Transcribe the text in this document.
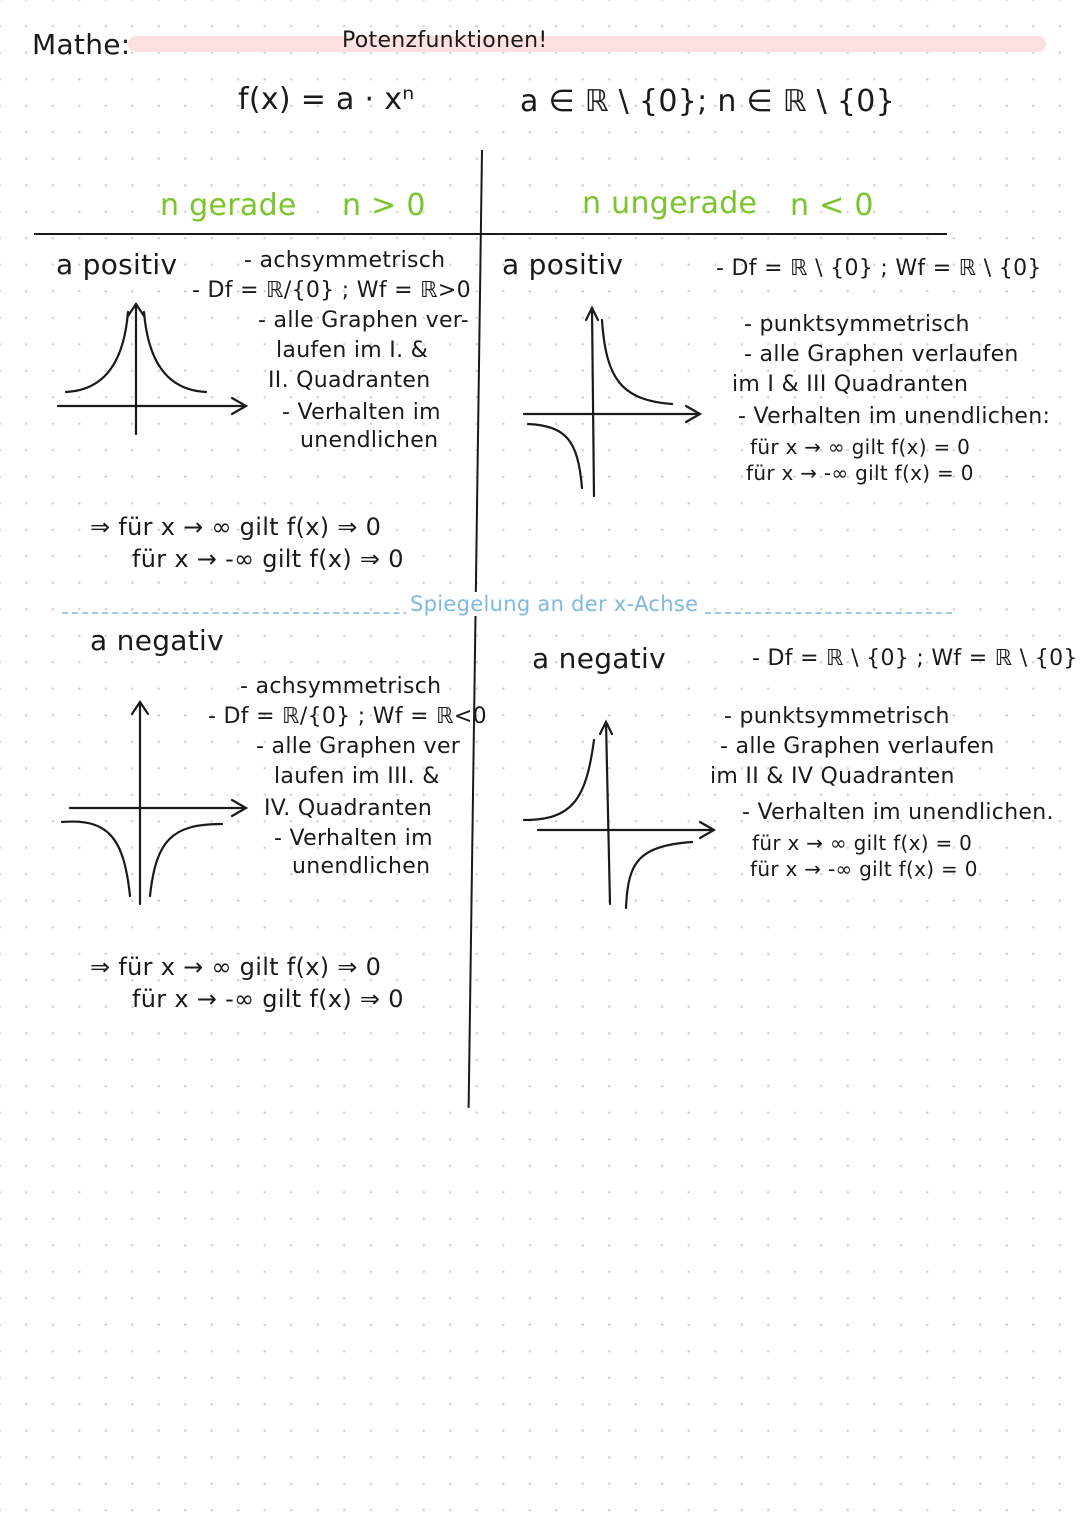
Mathe:	Potenzfunktionen!
f(x) = a · xⁿ	a ∈ ℝ \ {0}; n ∈ ℝ \ {0}
n gerade n > 0	n ungerade n < 0
a positiv	- achsymmetrisch
- Df = ℝ/{0} ; Wf = ℝ>0
- alle Graphen ver-
laufen im I. &
II. Quadranten
- Verhalten im
unendlichen
⇒ für x → ∞ gilt f(x) ⇒ 0
für x → -∞ gilt f(x) ⇒ 0
a positiv	- Df = ℝ \ {0} ; Wf = ℝ \ {0}
- punktsymmetrisch
- alle Graphen verlaufen
im I & III Quadranten
- Verhalten im unendlichen:
für x → ∞ gilt f(x) = 0
für x → -∞ gilt f(x) = 0
Spiegelung an der x-Achse
a negativ
- achsymmetrisch
- Df = ℝ/{0} ; Wf = ℝ<0
- alle Graphen ver
laufen im III. &
IV. Quadranten
- Verhalten im
unendlichen
⇒ für x → ∞ gilt f(x) ⇒ 0
für x → -∞ gilt f(x) ⇒ 0
a negativ	- Df = ℝ \ {0} ; Wf = ℝ \ {0}
- punktsymmetrisch
- alle Graphen verlaufen
im II & IV Quadranten
- Verhalten im unendlichen.
für x → ∞ gilt f(x) = 0
für x → -∞ gilt f(x) = 0
